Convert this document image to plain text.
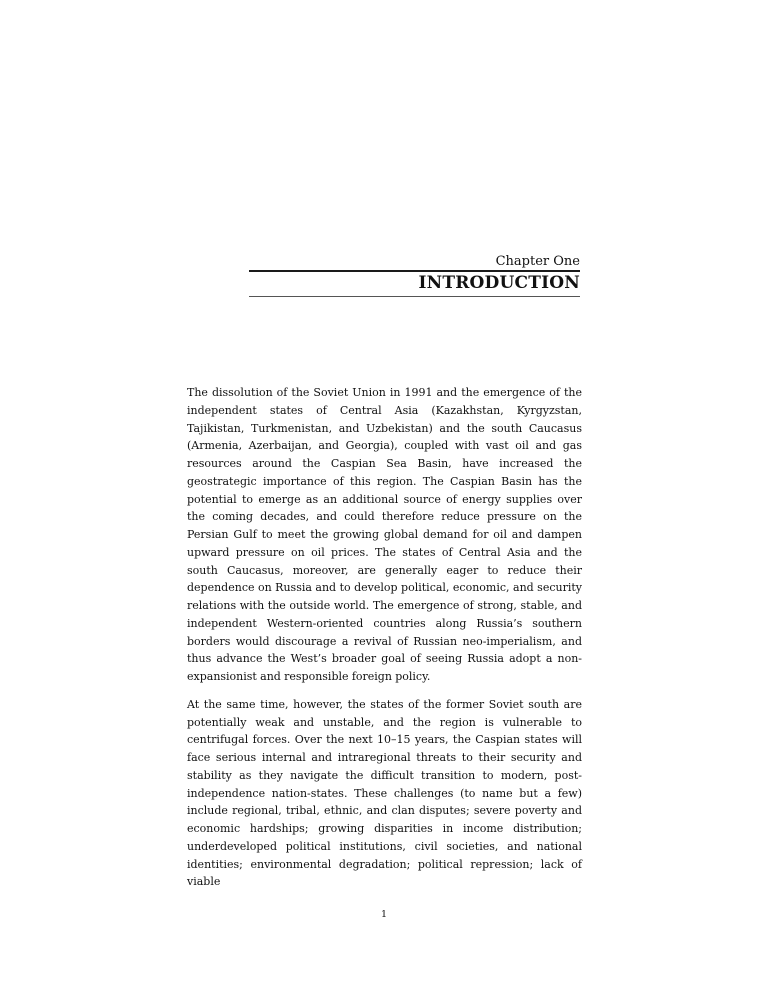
Chapter One
INTRODUCTION

The dissolution of the Soviet Union in 1991 and the emergence of the independent states of Central Asia (Kazakhstan, Kyrgyzstan, Tajikistan, Turkmenistan, and Uzbekistan) and the south Caucasus (Armenia, Azerbaijan, and Georgia), coupled with vast oil and gas resources around the Caspian Sea Basin, have increased the geostrategic importance of this region. The Caspian Basin has the potential to emerge as an additional source of energy supplies over the coming decades, and could therefore reduce pressure on the Persian Gulf to meet the growing global demand for oil and dampen upward pressure on oil prices. The states of Central Asia and the south Caucasus, moreover, are generally eager to reduce their dependence on Russia and to develop political, economic, and security relations with the outside world. The emergence of strong, stable, and independent Western-oriented countries along Russia’s southern borders would discourage a revival of Russian neo-imperialism, and thus advance the West’s broader goal of seeing Russia adopt a non-expansionist and responsible foreign policy.

At the same time, however, the states of the former Soviet south are potentially weak and unstable, and the region is vulnerable to centrifugal forces. Over the next 10–15 years, the Caspian states will face serious internal and intraregional threats to their security and stability as they navigate the difficult transition to modern, post-independence nation-states. These challenges (to name but a few) include regional, tribal, ethnic, and clan disputes; severe poverty and economic hardships; growing disparities in income distribution; underdeveloped political institutions, civil societies, and national identities; environmental degradation; political repression; lack of viable

1
